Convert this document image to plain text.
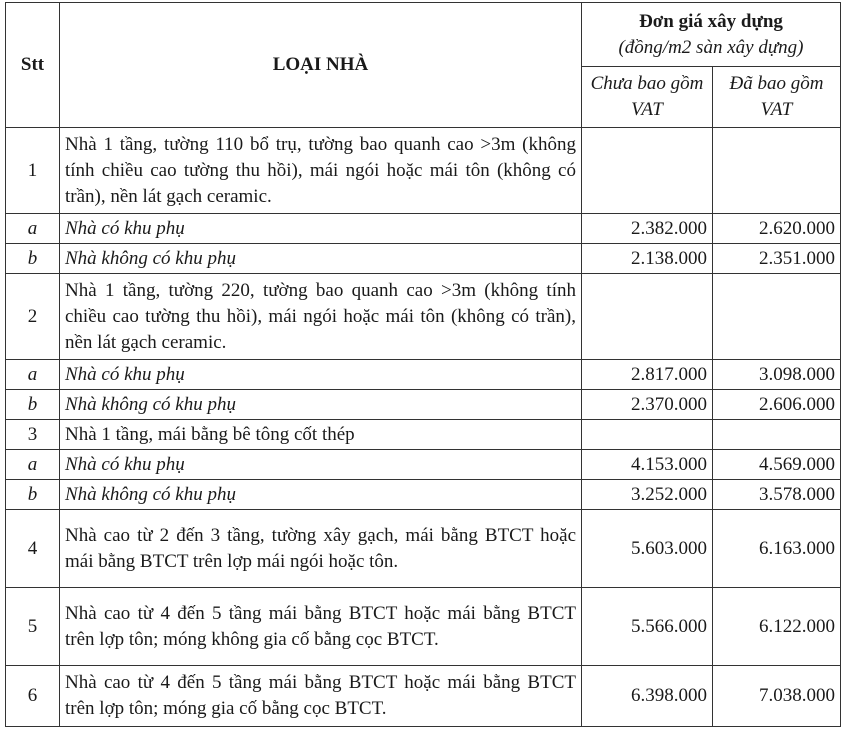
Stt	LOẠI NHÀ	Đơn giá xây dựng
(đồng/m2 sàn xây dựng)	

		Chưa bao gồm VAT	Đã bao gồm VAT
1	Nhà 1 tầng, tường 110 bổ trụ, tường bao quanh cao >3m (không tính chiều cao tường thu hồi), mái ngói hoặc mái tôn (không có trần), nền lát gạch ceramic.		
a	Nhà có khu phụ	2.382.000	2.620.000
b	Nhà không có khu phụ	2.138.000	2.351.000
2	Nhà 1 tầng, tường 220, tường bao quanh cao >3m (không tính chiều cao tường thu hồi), mái ngói hoặc mái tôn (không có trần), nền lát gạch ceramic.		
a	Nhà có khu phụ	2.817.000	3.098.000
b	Nhà không có khu phụ	2.370.000	2.606.000
3	Nhà 1 tầng, mái bằng bê tông cốt thép		
a	Nhà có khu phụ	4.153.000	4.569.000
b	Nhà không có khu phụ	3.252.000	3.578.000
4	Nhà cao từ 2 đến 3 tầng, tường xây gạch, mái bằng BTCT hoặc mái bằng BTCT trên lợp mái ngói hoặc tôn.	5.603.000	6.163.000
5	Nhà cao từ 4 đến 5 tầng mái bằng BTCT hoặc mái bằng BTCT trên lợp tôn; móng không gia cố bằng cọc BTCT.	5.566.000	6.122.000
6	Nhà cao từ 4 đến 5 tầng mái bằng BTCT hoặc mái bằng BTCT trên lợp tôn; móng gia cố bằng cọc BTCT.	6.398.000	7.038.000
